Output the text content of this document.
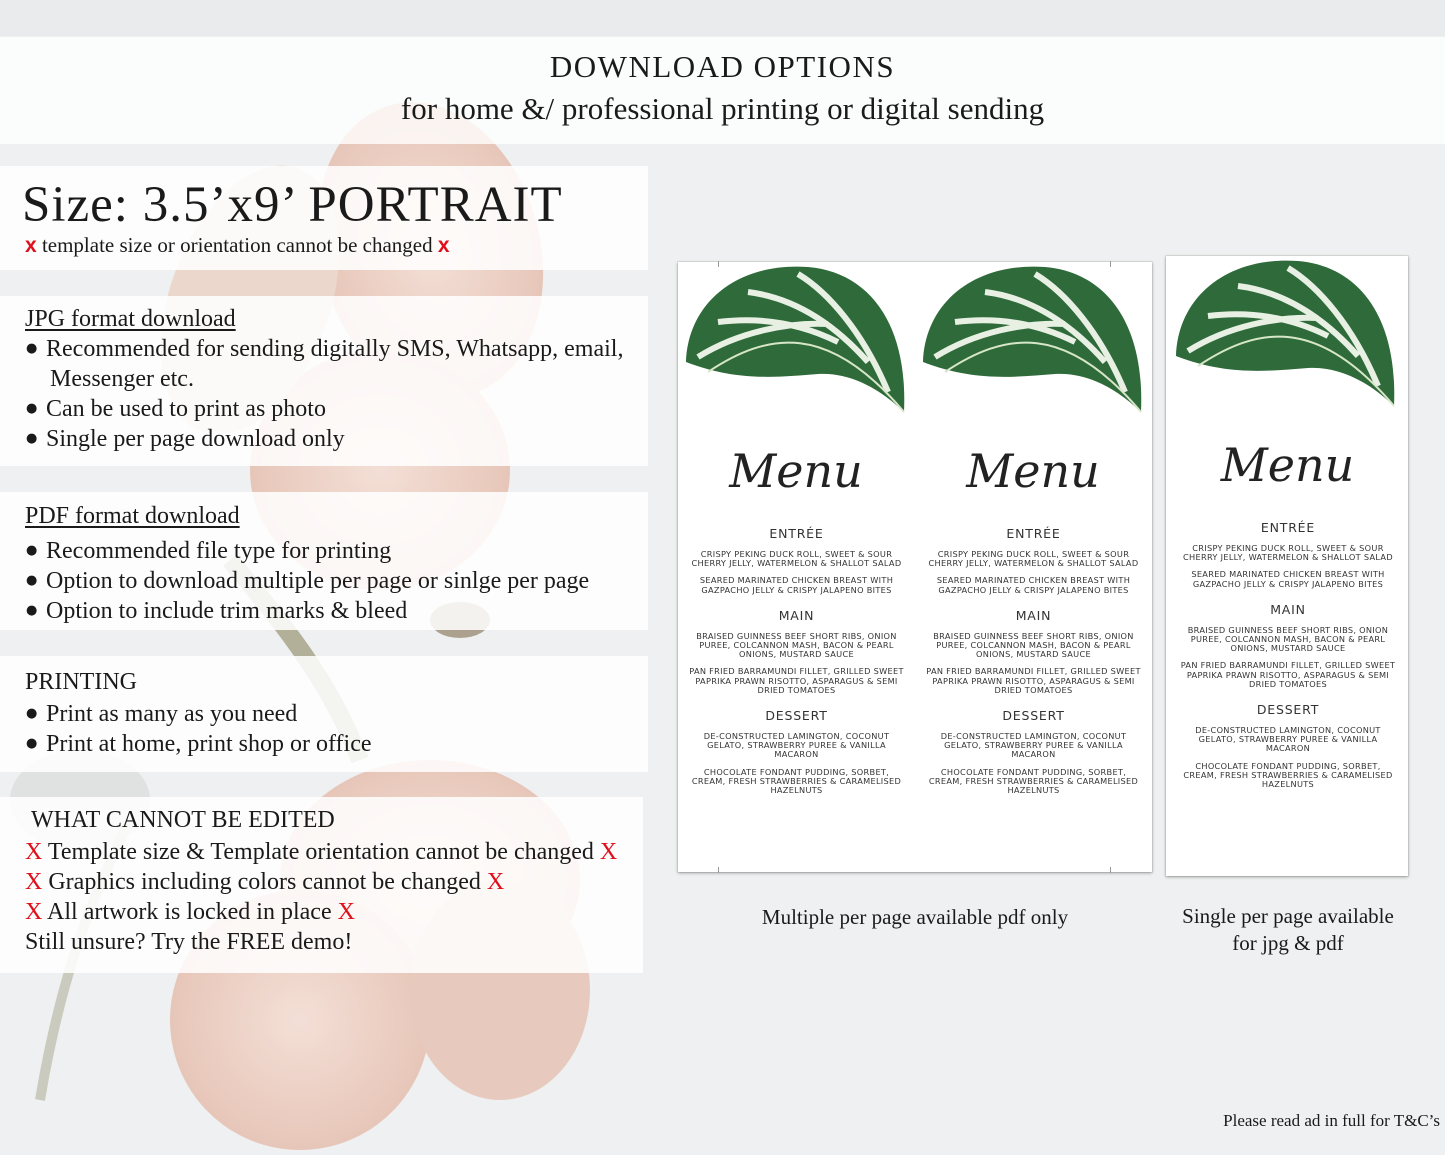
DOWNLOAD OPTIONS
for home &/ professional printing or digital sending
Size: 3.5’x9’ PORTRAIT
x template size or orientation cannot be changed x
JPG format download
● Recommended for sending digitally SMS, Whatsapp, email,
Messenger etc.
● Can be used to print as photo
● Single per page download only
PDF format download
● Recommended file type for printing
● Option to download multiple per page or sinlge per page
● Option to include trim marks & bleed
PRINTING
● Print as many as you need
● Print at home, print shop or office
WHAT CANNOT BE EDITED
X Template size & Template orientation cannot be changed X
X Graphics including colors cannot be changed X
X All artwork is locked in place X
Still unsure? Try the FREE demo!
Menu
ENTRÉE
CRISPY PEKING DUCK ROLL, SWEET & SOUR CHERRY JELLY, WATERMELON & SHALLOT SALAD
SEARED MARINATED CHICKEN BREAST WITH GAZPACHO JELLY & CRISPY JALAPENO BITES
MAIN
BRAISED GUINNESS BEEF SHORT RIBS, ONION PUREE, COLCANNON MASH, BACON & PEARL ONIONS, MUSTARD SAUCE
PAN FRIED BARRAMUNDI FILLET, GRILLED SWEET PAPRIKA PRAWN RISOTTO, ASPARAGUS & SEMI DRIED TOMATOES
DESSERT
DE-CONSTRUCTED LAMINGTON, COCONUT GELATO, STRAWBERRY PUREE & VANILLA MACARON
CHOCOLATE FONDANT PUDDING, SORBET, CREAM, FRESH STRAWBERRIES & CARAMELISED HAZELNUTS
Menu
ENTRÉE
CRISPY PEKING DUCK ROLL, SWEET & SOUR CHERRY JELLY, WATERMELON & SHALLOT SALAD
SEARED MARINATED CHICKEN BREAST WITH GAZPACHO JELLY & CRISPY JALAPENO BITES
MAIN
BRAISED GUINNESS BEEF SHORT RIBS, ONION PUREE, COLCANNON MASH, BACON & PEARL ONIONS, MUSTARD SAUCE
PAN FRIED BARRAMUNDI FILLET, GRILLED SWEET PAPRIKA PRAWN RISOTTO, ASPARAGUS & SEMI DRIED TOMATOES
DESSERT
DE-CONSTRUCTED LAMINGTON, COCONUT GELATO, STRAWBERRY PUREE & VANILLA MACARON
CHOCOLATE FONDANT PUDDING, SORBET, CREAM, FRESH STRAWBERRIES & CARAMELISED HAZELNUTS
Menu
ENTRÉE
CRISPY PEKING DUCK ROLL, SWEET & SOUR CHERRY JELLY, WATERMELON & SHALLOT SALAD
SEARED MARINATED CHICKEN BREAST WITH GAZPACHO JELLY & CRISPY JALAPENO BITES
MAIN
BRAISED GUINNESS BEEF SHORT RIBS, ONION PUREE, COLCANNON MASH, BACON & PEARL ONIONS, MUSTARD SAUCE
PAN FRIED BARRAMUNDI FILLET, GRILLED SWEET PAPRIKA PRAWN RISOTTO, ASPARAGUS & SEMI DRIED TOMATOES
DESSERT
DE-CONSTRUCTED LAMINGTON, COCONUT GELATO, STRAWBERRY PUREE & VANILLA MACARON
CHOCOLATE FONDANT PUDDING, SORBET, CREAM, FRESH STRAWBERRIES & CARAMELISED HAZELNUTS
Multiple per page available pdf only	Single per page available
for jpg & pdf
Please read ad in full for T&C’s
